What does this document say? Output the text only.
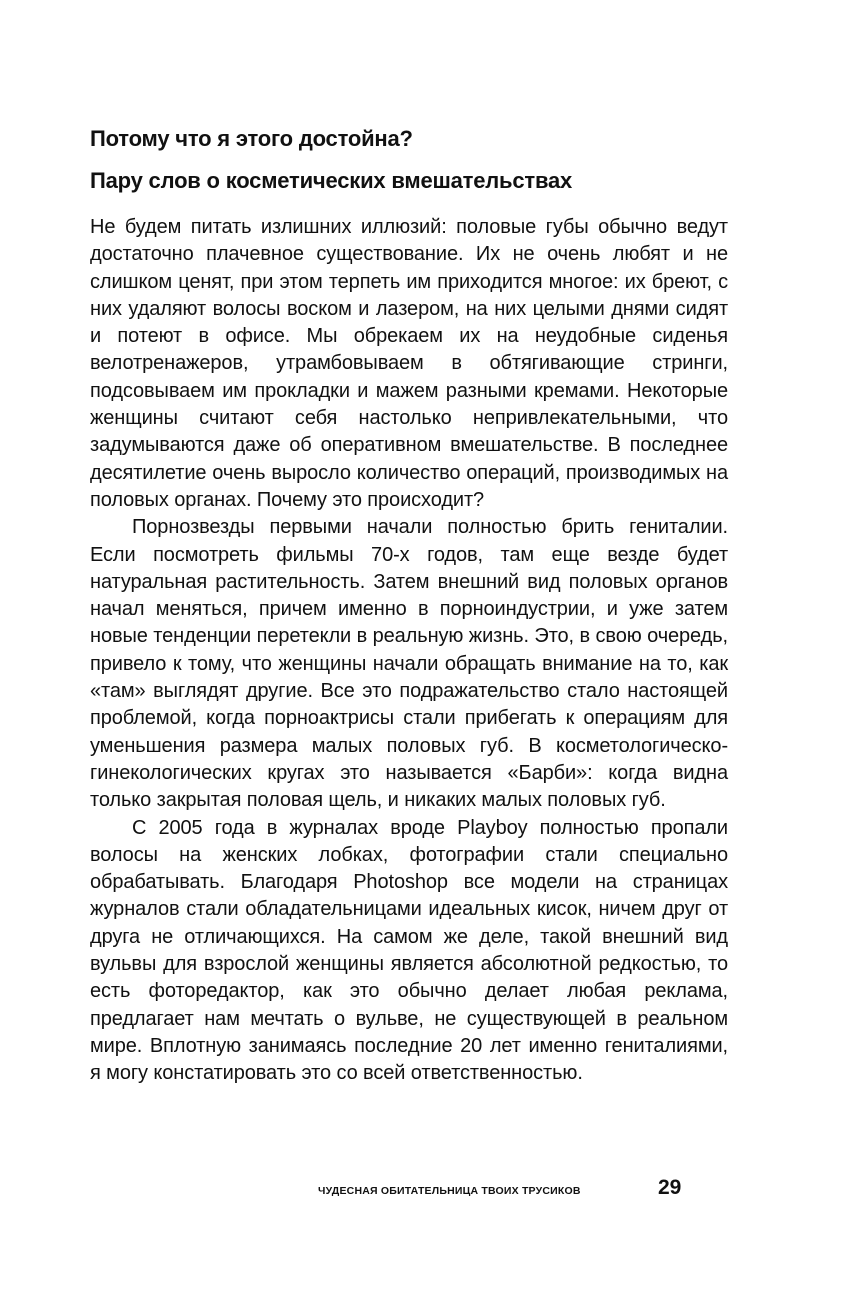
Потому что я этого достойна?

Пару слов о косметических вмешательствах

Не будем питать излишних иллюзий: половые губы обычно ведут достаточно плачевное существование. Их не очень любят и не слишком ценят, при этом терпеть им приходится многое: их бреют, с них удаляют волосы воском и лазером, на них целыми днями сидят и потеют в офисе. Мы обрекаем их на неудобные сиденья велотренажеров, утрамбовываем в обтягивающие стринги, подсовываем им прокладки и мажем разными кремами. Некоторые женщины считают себя настолько непривлекательными, что задумываются даже об оперативном вмешательстве. В последнее десятилетие очень выросло количество операций, производимых на половых органах. Почему это происходит?

Порнозвезды первыми начали полностью брить гениталии. Если посмотреть фильмы 70-х годов, там еще везде будет натуральная растительность. Затем внешний вид половых органов начал меняться, причем именно в порноиндустрии, и уже затем новые тенденции перетекли в реальную жизнь. Это, в свою очередь, привело к тому, что женщины начали обращать внимание на то, как «там» выглядят другие. Все это подражательство стало настоящей проблемой, когда порноактрисы стали прибегать к операциям для уменьшения размера малых половых губ. В косметологическо-гинекологических кругах это называется «Барби»: когда видна только закрытая половая щель, и никаких малых половых губ.

С 2005 года в журналах вроде Playboy полностью пропали волосы на женских лобках, фотографии стали специально обрабатывать. Благодаря Photoshop все модели на страницах журналов стали обладательницами идеальных кисок, ничем друг от друга не отличающихся. На самом же деле, такой внешний вид вульвы для взрослой женщины является абсолютной редкостью, то есть фоторедактор, как это обычно делает любая реклама, предлагает нам мечтать о вульве, не существующей в реальном мире. Вплотную занимаясь последние 20 лет именно гениталиями, я могу констатировать это со всей ответственностью.

ЧУДЕСНАЯ ОБИТАТЕЛЬНИЦА ТВОИХ ТРУСИКОВ	29
